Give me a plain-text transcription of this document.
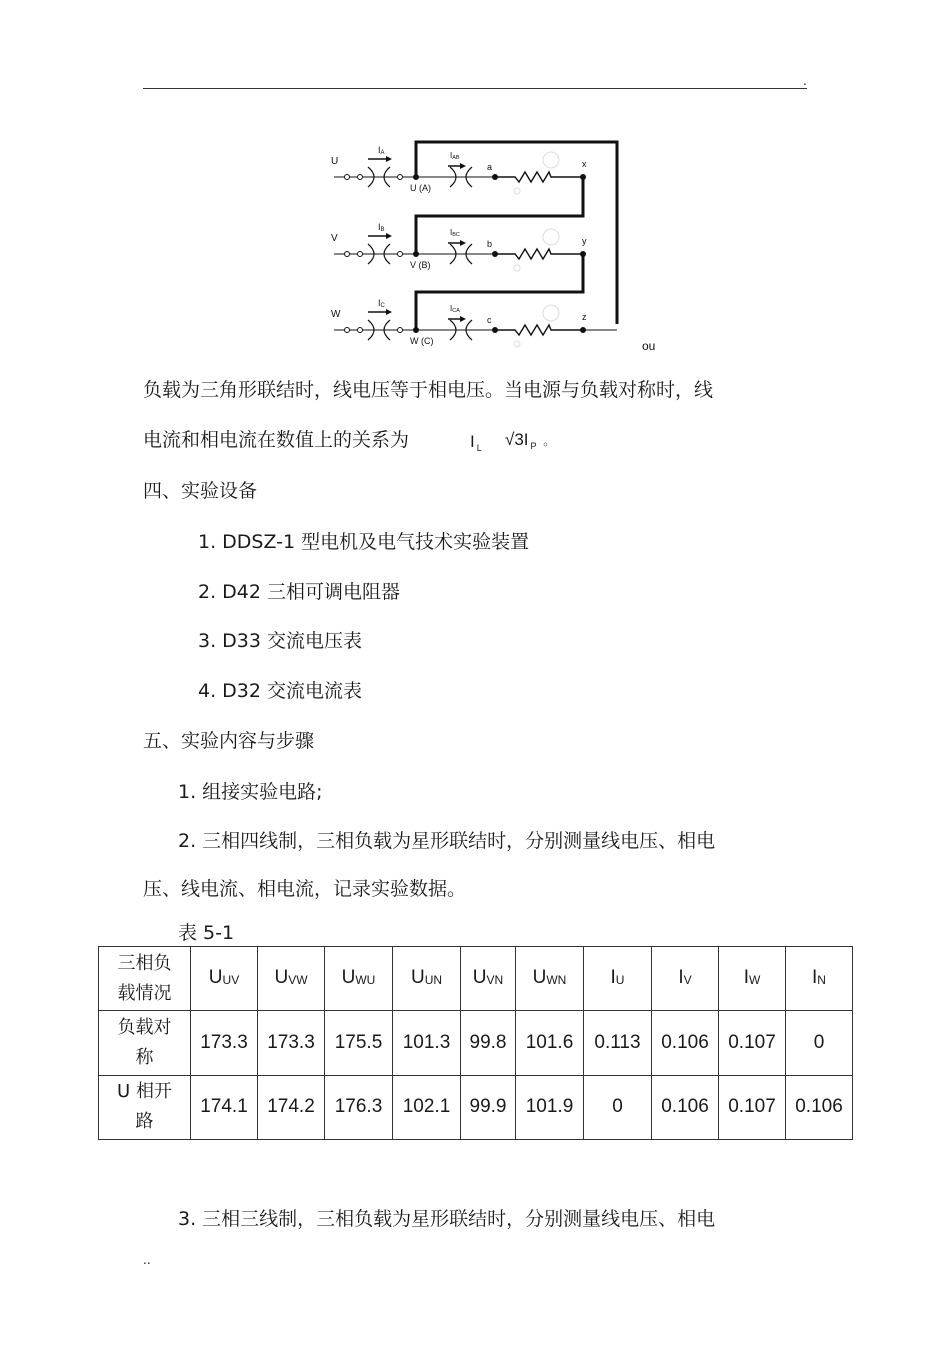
.
U
IA
U (A)
IAB
a	x
V
IB
V (B)
IBC
b	y
W
IC
W (C)
ICA
c	z
ou
负载为三角形联结时，线电压等于相电压。当电源与负载对称时，线
电流和相电流在数值上的关系为	I $_L$ √3I $_P$ 。
四、实验设备
1. DDSZ-1 型电机及电气技术实验装置
2. D42 三相可调电阻器
3. D33 交流电压表
4. D32 交流电流表
五、实验内容与步骤
1. 组接实验电路;
2. 三相四线制，三相负载为星形联结时，分别测量线电压、相电
压、线电流、相电流，记录实验数据。
表 5-1
三相负
载情况	$U_{UV}$	$U_{VW}$	$U_{WU}$	$U_{UN}$	$U_{VN}$	$U_{WN}$	$I_U$	$I_V$	$I_W$	$I_N$

负载对
称	173.3	173.3	175.5	101.3	99.8	101.6	0.113	0.106	0.107	0

U 相开
路	174.1	174.2	176.3	102.1	99.9	101.9	0	0.106	0.107	0.106
3. 三相三线制，三相负载为星形联结时，分别测量线电压、相电
..
